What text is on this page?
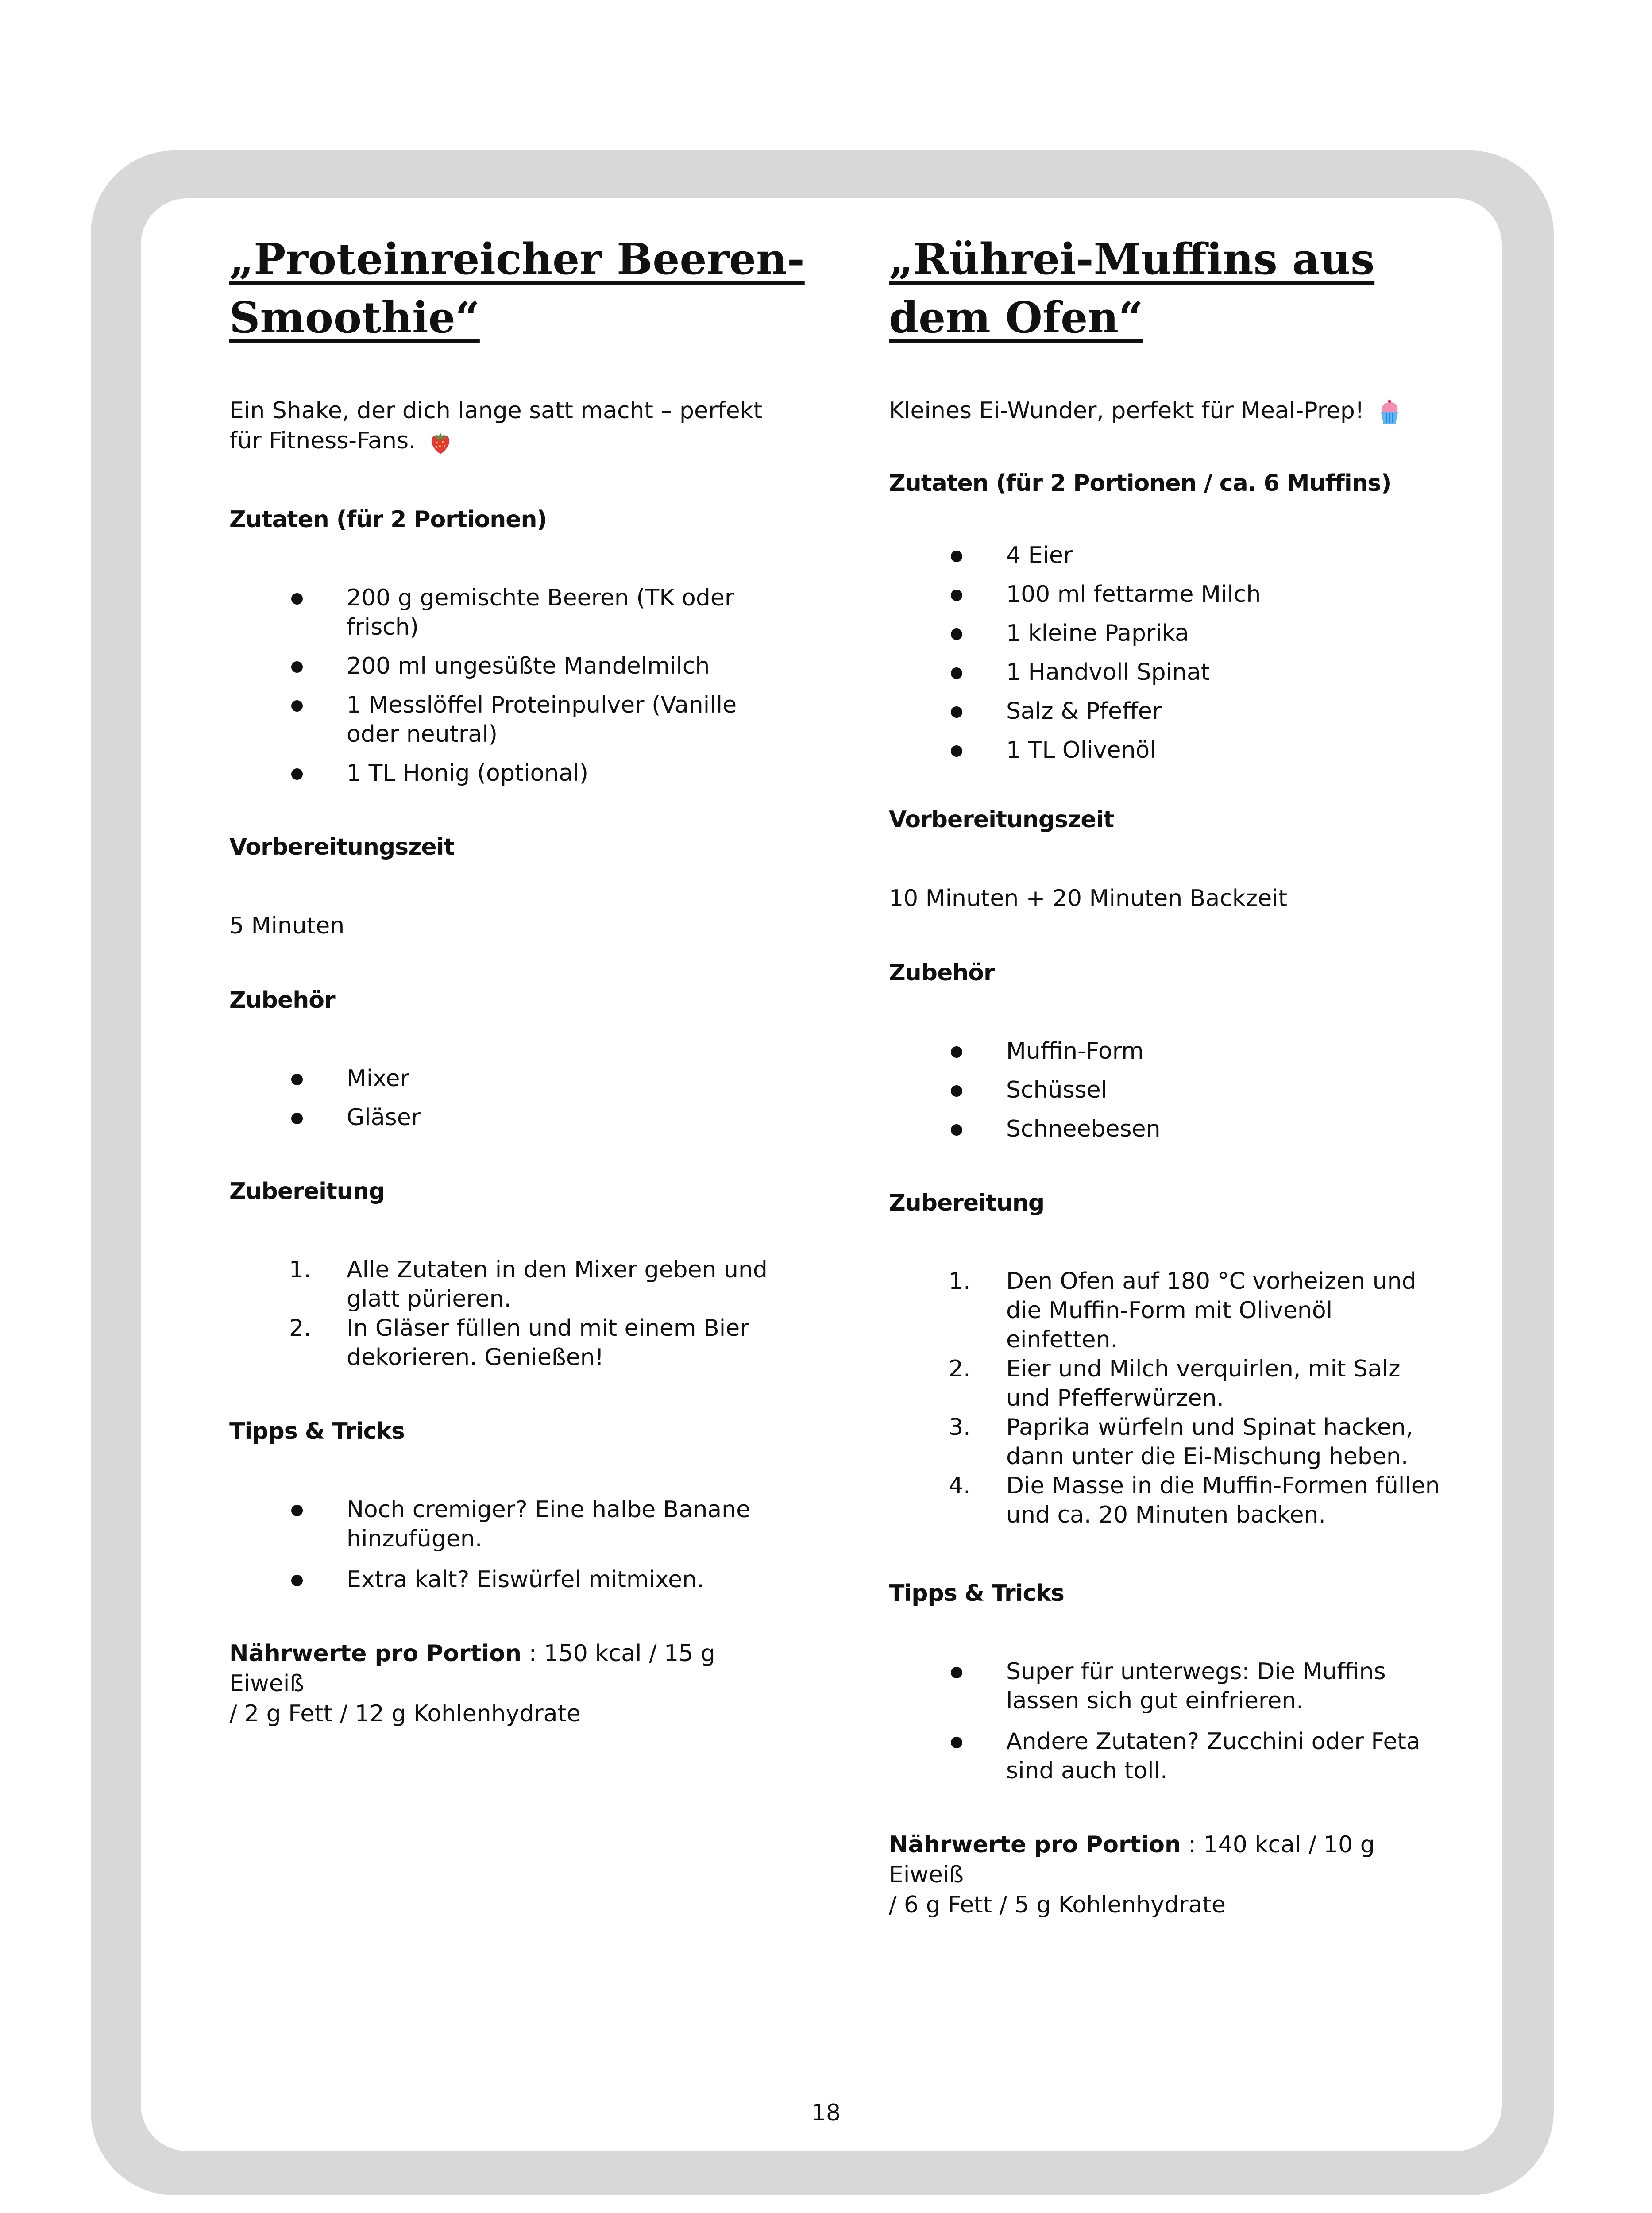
„Proteinreicher Beeren-
Smoothie“

Ein Shake, der dich lange satt macht – perfekt
für Fitness-Fans.

Zutaten (für 2 Portionen)

200 g gemischte Beeren (TK oder
frisch)
200 ml ungesüßte Mandelmilch
1 Messlöffel Proteinpulver (Vanille
oder neutral)
1 TL Honig (optional)

Vorbereitungszeit

5 Minuten

Zubehör

Mixer
Gläser

Zubereitung

1. Alle Zutaten in den Mixer geben und
glatt pürieren.
2. In Gläser füllen und mit einem Bier
dekorieren. Genießen!

Tipps & Tricks

Noch cremiger? Eine halbe Banane
hinzufügen.
Extra kalt? Eiswürfel mitmixen.

Nährwerte pro Portion : 150 kcal / 15 g Eiweiß
/ 2 g Fett / 12 g Kohlenhydrate

„Rührei-Muffins aus
dem Ofen“

Kleines Ei-Wunder, perfekt für Meal-Prep!

Zutaten (für 2 Portionen / ca. 6 Muffins)

4 Eier
100 ml fettarme Milch
1 kleine Paprika
1 Handvoll Spinat
Salz & Pfeffer
1 TL Olivenöl

Vorbereitungszeit

10 Minuten + 20 Minuten Backzeit

Zubehör

Muffin-Form
Schüssel
Schneebesen

Zubereitung

1. Den Ofen auf 180 °C vorheizen und
die Muffin-Form mit Olivenöl
einfetten.
2. Eier und Milch verquirlen, mit Salz
und Pfefferwürzen.
3. Paprika würfeln und Spinat hacken,
dann unter die Ei-Mischung heben.
4. Die Masse in die Muffin-Formen füllen
und ca. 20 Minuten backen.

Tipps & Tricks

Super für unterwegs: Die Muffins
lassen sich gut einfrieren.
Andere Zutaten? Zucchini oder Feta
sind auch toll.

Nährwerte pro Portion : 140 kcal / 10 g Eiweiß
/ 6 g Fett / 5 g Kohlenhydrate

18
